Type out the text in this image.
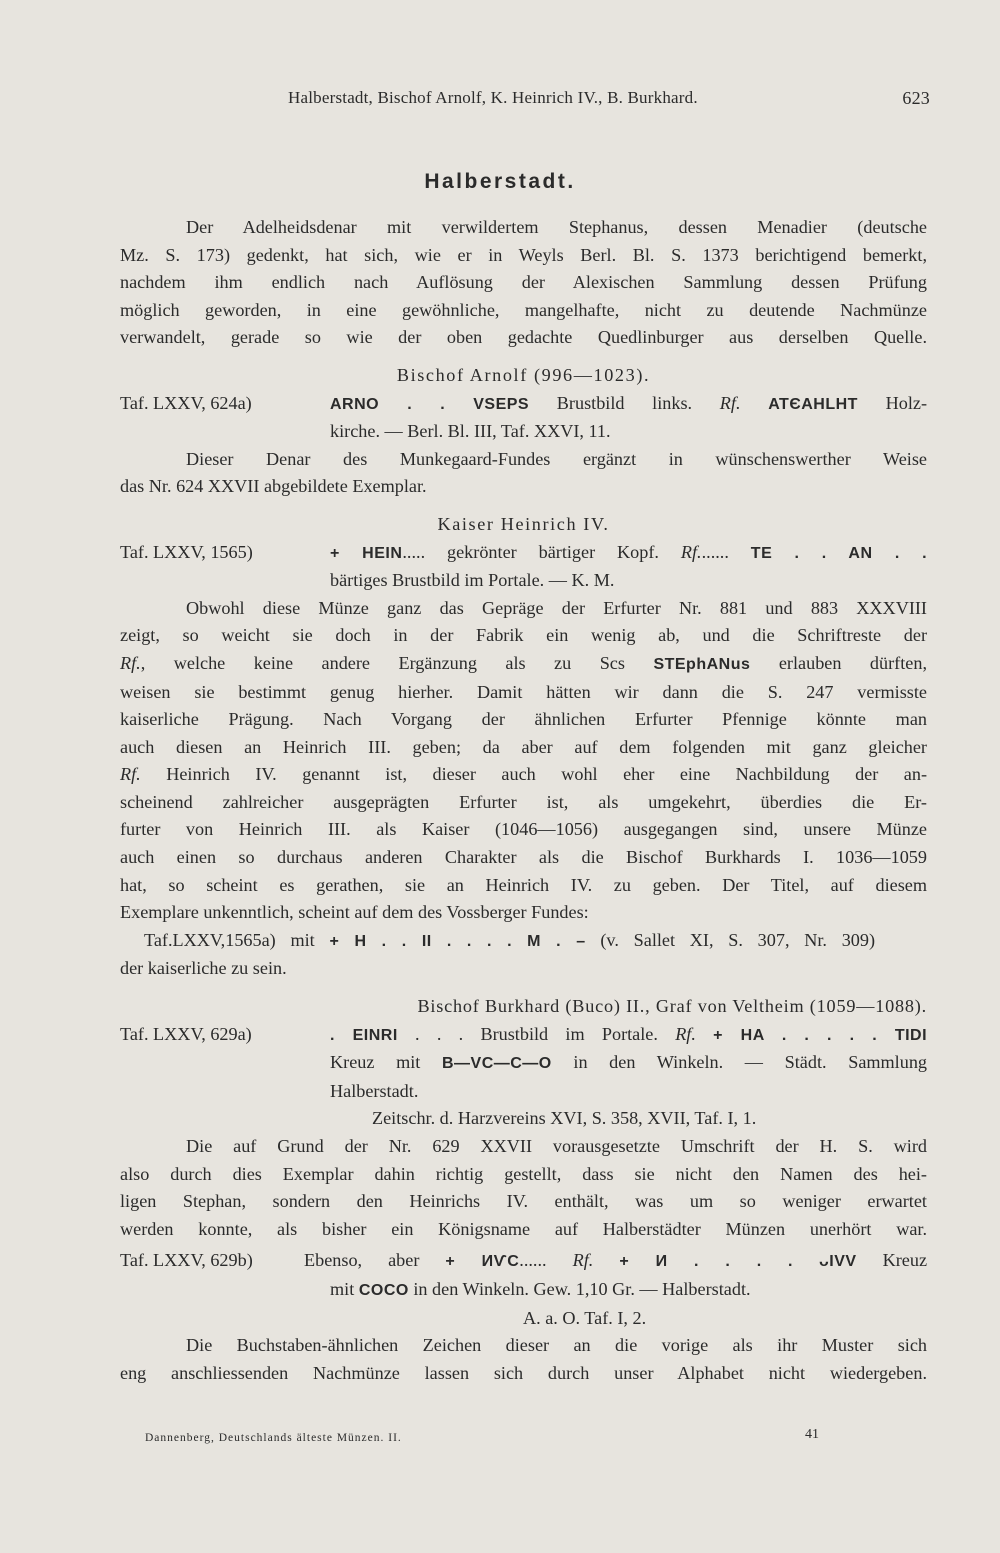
Halberstadt, Bischof Arnolf, K. Heinrich IV., B. Burkhard.	623
Halberstadt.

Der Adelheidsdenar mit verwildertem Stephanus, dessen Menadier (deutsche

Mz. S. 173) gedenkt, hat sich, wie er in Weyls Berl. Bl. S. 1373 berichtigend bemerkt,

nachdem ihm endlich nach Auflösung der Alexischen Sammlung dessen Prüfung

möglich geworden, in eine gewöhnliche, mangelhafte, nicht zu deutende Nachmünze

verwandelt, gerade so wie der oben gedachte Quedlinburger aus derselben Quelle.

Bischof Arnolf (996—1023).

Taf. LXXV, 624a)	ARNO . . VSEPS Brustbild links. Rf. ATЄAHLHT Holz-
kirche. — Berl. Bl. III, Taf. XXVI, 11.

Dieser Denar des Munkegaard-Fundes ergänzt in wünschenswerther Weise

das Nr. 624 XXVII abgebildete Exemplar.

Kaiser Heinrich IV.

Taf. LXXV, 1565)	+ HEIN..... gekrönter bärtiger Kopf. Rf....... TE . . AN . .
bärtiges Brustbild im Portale. — K. M.

Obwohl diese Münze ganz das Gepräge der Erfurter Nr. 881 und 883 XXXVIII

zeigt, so weicht sie doch in der Fabrik ein wenig ab, und die Schriftreste der

Rf., welche keine andere Ergänzung als zu Scs STEphANus erlauben dürften,

weisen sie bestimmt genug hierher. Damit hätten wir dann die S. 247 vermisste

kaiserliche Prägung. Nach Vorgang der ähnlichen Erfurter Pfennige könnte man

auch diesen an Heinrich III. geben; da aber auf dem folgenden mit ganz gleicher

Rf. Heinrich IV. genannt ist, dieser auch wohl eher eine Nachbildung der an-

scheinend zahlreicher ausgeprägten Erfurter ist, als umgekehrt, überdies die Er-

furter von Heinrich III. als Kaiser (1046—1056) ausgegangen sind, unsere Münze

auch einen so durchaus anderen Charakter als die Bischof Burkhards I. 1036—1059

hat, so scheint es gerathen, sie an Heinrich IV. zu geben. Der Titel, auf diesem

Exemplare unkenntlich, scheint auf dem des Vossberger Fundes:

Taf.LXXV,1565a) mit + H . . II . . . . M . – (v. Sallet XI, S. 307, Nr. 309)

der kaiserliche zu sein.

Bischof Burkhard (Buco) II., Graf von Veltheim (1059—1088).

Taf. LXXV, 629a)	. EINRI . . . Brustbild im Portale. Rf. + HA . . . . . TIDI
Kreuz mit B—VC—C—O in den Winkeln. — Städt. Sammlung
Halberstadt.

Zeitschr. d. Harzvereins XVI, S. 358, XVII, Taf. I, 1.

Die auf Grund der Nr. 629 XXVII vorausgesetzte Umschrift der H. S. wird

also durch dies Exemplar dahin richtig gestellt, dass sie nicht den Namen des hei-

ligen Stephan, sondern den Heinrichs IV. enthält, was um so weniger erwartet

werden konnte, als bisher ein Königsname auf Halberstädter Münzen unerhört war.

Taf. LXXV, 629b)	Ebenso, aber + ИѴC...... Rf. + И . . . . ᴗIVV Kreuz
mit COCO in den Winkeln. Gew. 1,10 Gr. — Halberstadt.

A. a. O. Taf. I, 2.

Die Buchstaben-ähnlichen Zeichen dieser an die vorige als ihr Muster sich

eng anschliessenden Nachmünze lassen sich durch unser Alphabet nicht wiedergeben.

Dannenberg, Deutschlands älteste Münzen. II.	41
